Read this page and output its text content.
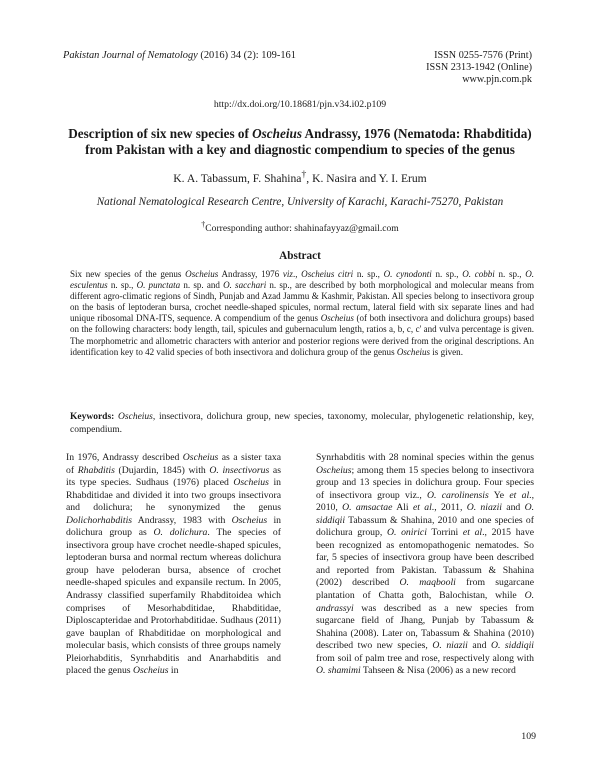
Pakistan Journal of Nematology (2016) 34 (2): 109-161	ISSN 0255-7576 (Print)
ISSN 2313-1942 (Online)
www.pjn.com.pk
http://dx.doi.org/10.18681/pjn.v34.i02.p109
Description of six new species of Oscheius Andrassy, 1976 (Nematoda: Rhabditida) from Pakistan with a key and diagnostic compendium to species of the genus
K. A. Tabassum, F. Shahina†, K. Nasira and Y. I. Erum
National Nematological Research Centre, University of Karachi, Karachi-75270, Pakistan
†Corresponding author: shahinafayyaz@gmail.com
Abstract
Six new species of the genus Oscheius Andrassy, 1976 viz., Oscheius citri n. sp., O. cynodonti n. sp., O. cobbi n. sp., O. esculentus n. sp., O. punctata n. sp. and O. sacchari n. sp., are described by both morphological and molecular means from different agro-climatic regions of Sindh, Punjab and Azad Jammu & Kashmir, Pakistan. All species belong to insectivora group on the basis of leptoderan bursa, crochet needle-shaped spicules, normal rectum, lateral field with six separate lines and had unique ribosomal DNA-ITS, sequence. A compendium of the genus Oscheius (of both insectivora and dolichura groups) based on the following characters: body length, tail, spicules and gubernaculum length, ratios a, b, c, c' and vulva percentage is given. The morphometric and allometric characters with anterior and posterior regions were derived from the original descriptions. An identification key to 42 valid species of both insectivora and dolichura group of the genus Oscheius is given.
Keywords: Oscheius, insectivora, dolichura group, new species, taxonomy, molecular, phylogenetic relationship, key, compendium.
In 1976, Andrassy described Oscheius as a sister taxa of Rhabditis (Dujardin, 1845) with O. insectivorus as its type species. Sudhaus (1976) placed Oscheius in Rhabditidae and divided it into two groups insectivora and dolichura; he synonymized the genus Dolichorhabditis Andrassy, 1983 with Oscheius in dolichura group as O. dolichura. The species of insectivora group have crochet needle-shaped spicules, leptoderan bursa and normal rectum whereas dolichura group have peloderan bursa, absence of crochet needle-shaped spicules and expansile rectum. In 2005, Andrassy classified superfamily Rhabditoidea which comprises of Mesorhabditidae, Rhabditidae, Diploscapteridae and Protorhabditidae. Sudhaus (2011) gave bauplan of Rhabditidae on morphological and molecular basis, which consists of three groups namely Pleiorhabditis, Synrhabditis and Anarhabditis and placed the genus Oscheius in
Synrhabditis with 28 nominal species within the genus Oscheius; among them 15 species belong to insectivora group and 13 species in dolichura group. Four species of insectivora group viz., O. carolinensis Ye et al., 2010, O. amsactae Ali et al., 2011, O. niazii and O. siddiqii Tabassum & Shahina, 2010 and one species of dolichura group, O. onirici Torrini et al., 2015 have been recognized as entomopathogenic nematodes. So far, 5 species of insectivora group have been described and reported from Pakistan. Tabassum & Shahina (2002) described O. maqbooli from sugarcane plantation of Chatta goth, Balochistan, while O. andrassyi was described as a new species from sugarcane field of Jhang, Punjab by Tabassum & Shahina (2008). Later on, Tabassum & Shahina (2010) described two new species, O. niazii and O. siddiqii from soil of palm tree and rose, respectively along with O. shamimi Tahseen & Nisa (2006) as a new record
109
